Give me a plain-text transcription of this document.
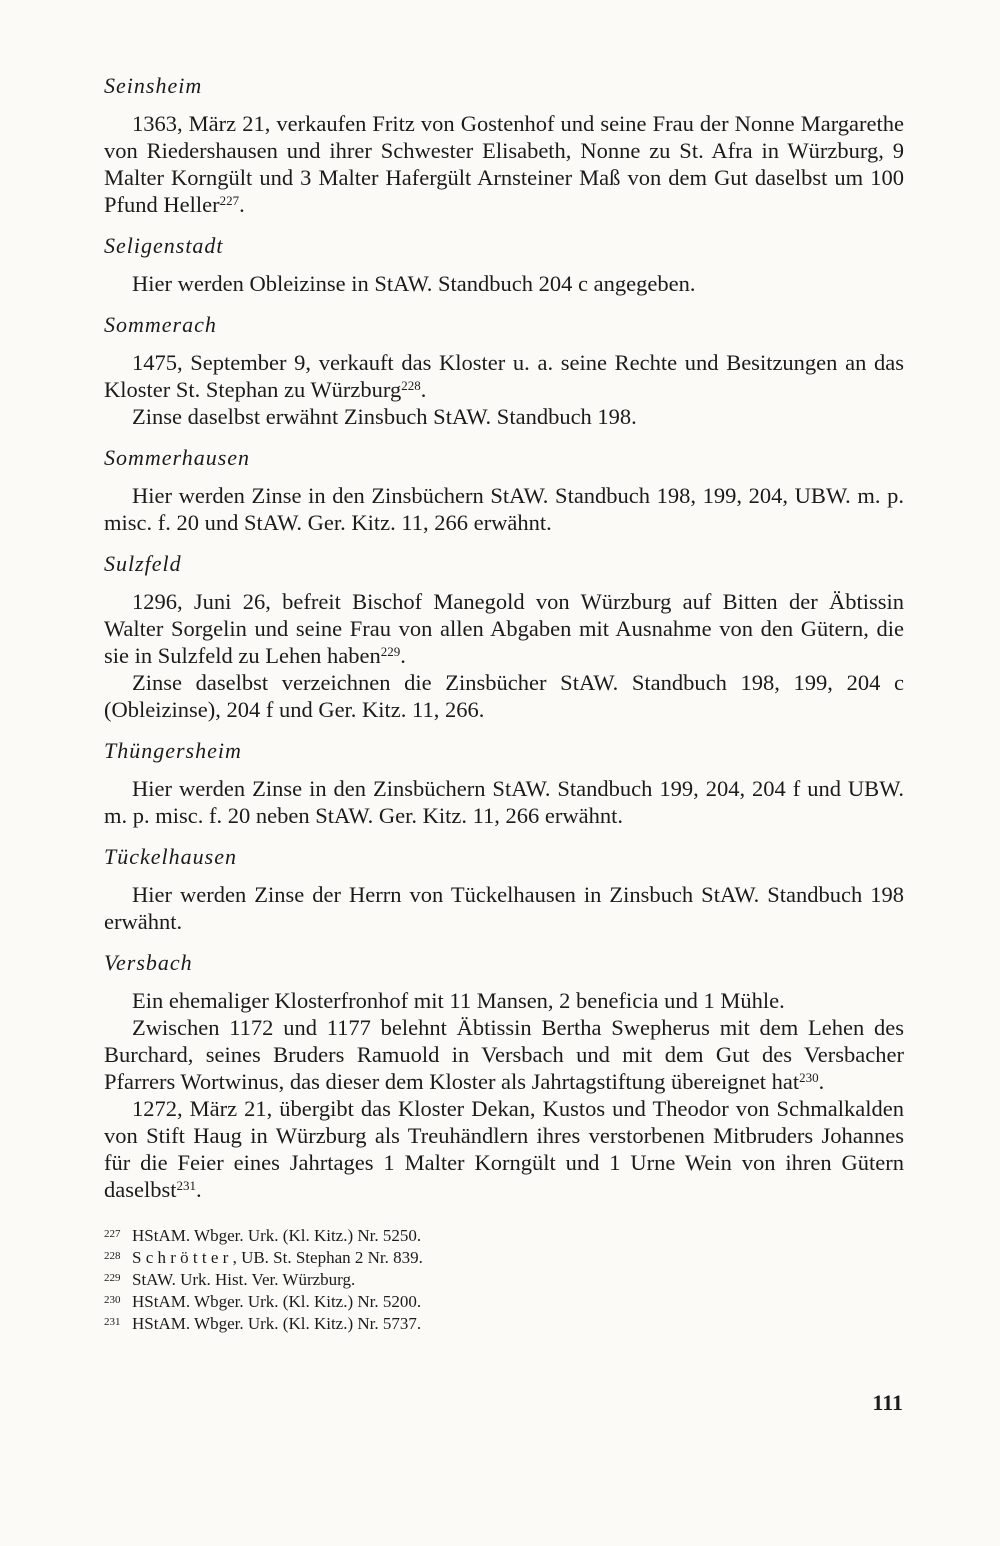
Seinsheim

1363, März 21, verkaufen Fritz von Gostenhof und seine Frau der Nonne Margarethe von Riedershausen und ihrer Schwester Elisabeth, Nonne zu St. Afra in Würzburg, 9 Malter Korngült und 3 Malter Hafergült Arnsteiner Maß von dem Gut daselbst um 100 Pfund Heller$^{227}$.

Seligenstadt

Hier werden Obleizinse in StAW. Standbuch 204 c angegeben.

Sommerach

1475, September 9, verkauft das Kloster u. a. seine Rechte und Besitzungen an das Kloster St. Stephan zu Würzburg$^{228}$.

Zinse daselbst erwähnt Zinsbuch StAW. Standbuch 198.

Sommerhausen

Hier werden Zinse in den Zinsbüchern StAW. Standbuch 198, 199, 204, UBW. m. p. misc. f. 20 und StAW. Ger. Kitz. 11, 266 erwähnt.

Sulzfeld

1296, Juni 26, befreit Bischof Manegold von Würzburg auf Bitten der Äbtissin Walter Sorgelin und seine Frau von allen Abgaben mit Ausnahme von den Gütern, die sie in Sulzfeld zu Lehen haben$^{229}$.

Zinse daselbst verzeichnen die Zinsbücher StAW. Standbuch 198, 199, 204 c (Obleizinse), 204 f und Ger. Kitz. 11, 266.

Thüngersheim

Hier werden Zinse in den Zinsbüchern StAW. Standbuch 199, 204, 204 f und UBW. m. p. misc. f. 20 neben StAW. Ger. Kitz. 11, 266 erwähnt.

Tückelhausen

Hier werden Zinse der Herrn von Tückelhausen in Zinsbuch StAW. Standbuch 198 erwähnt.

Versbach

Ein ehemaliger Klosterfronhof mit 11 Mansen, 2 beneficia und 1 Mühle.

Zwischen 1172 und 1177 belehnt Äbtissin Bertha Swepherus mit dem Lehen des Burchard, seines Bruders Ramuold in Versbach und mit dem Gut des Versbacher Pfarrers Wortwinus, das dieser dem Kloster als Jahrtagstiftung übereignet hat$^{230}$.

1272, März 21, übergibt das Kloster Dekan, Kustos und Theodor von Schmalkalden von Stift Haug in Würzburg als Treuhändlern ihres verstorbenen Mitbruders Johannes für die Feier eines Jahrtages 1 Malter Korngült und 1 Urne Wein von ihren Gütern daselbst$^{231}$.

227 HStAM. Wbger. Urk. (Kl. Kitz.) Nr. 5250.

228 S c h r ö t t e r , UB. St. Stephan 2 Nr. 839.

229 StAW. Urk. Hist. Ver. Würzburg.

230 HStAM. Wbger. Urk. (Kl. Kitz.) Nr. 5200.

231 HStAM. Wbger. Urk. (Kl. Kitz.) Nr. 5737.

111
